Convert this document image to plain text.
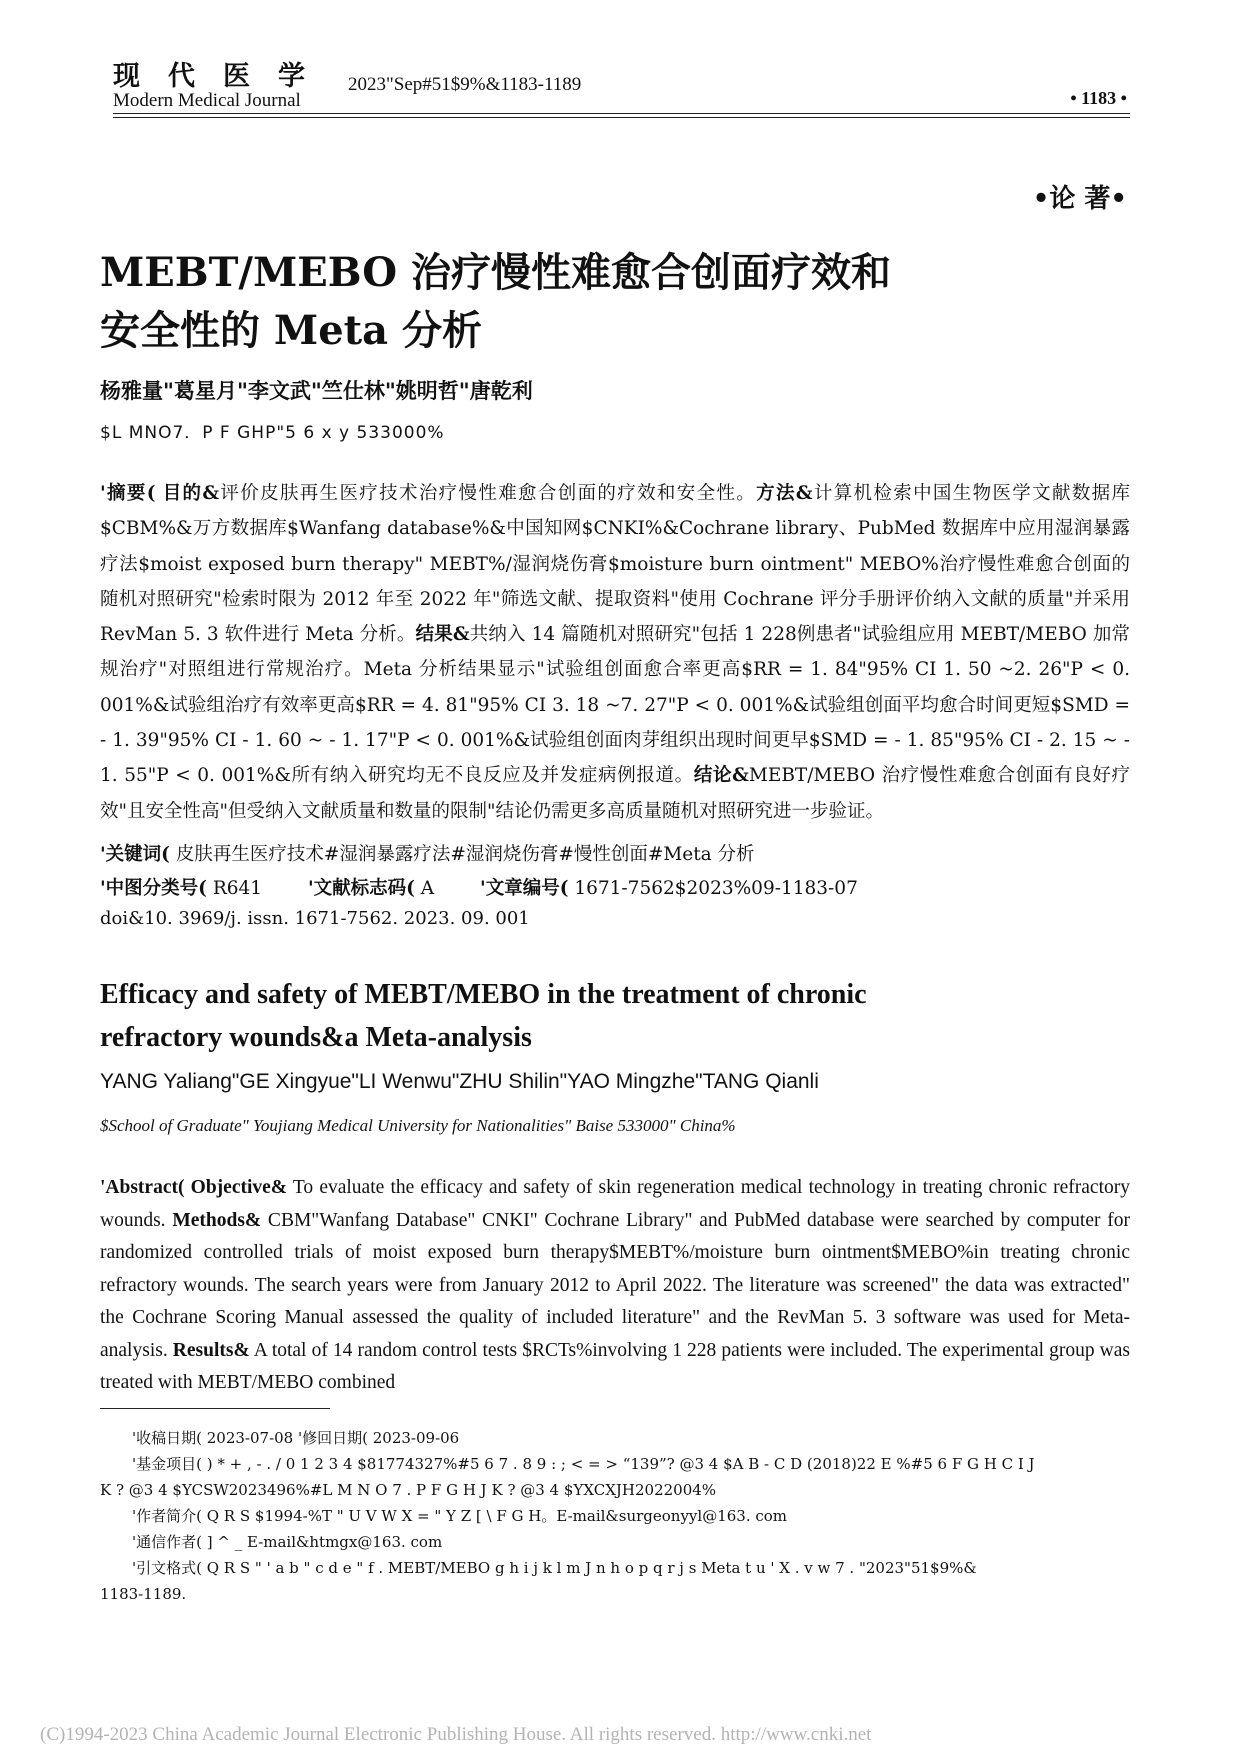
现代医学
Modern Medical Journal
2023"Sep#51$9%&1183-1189
• 1183 •
•论 著•
MEBT/MEBO 治疗慢性难愈合创面疗效和
安全性的 Meta 分析
杨雅量"葛星月"李文武"竺仕林"姚明哲"唐乾利
$L MNO7．P F GHP"5 6 x y 533000%
'摘要( 目的&评价皮肤再生医疗技术治疗慢性难愈合创面的疗效和安全性。方法&计算机检索中国生物医学文献数据库$CBM%&万方数据库$Wanfang database%&中国知网$CNKI%&Cochrane library、PubMed 数据库中应用湿润暴露疗法$moist exposed burn therapy" MEBT%/湿润烧伤膏$moisture burn ointment" MEBO%治疗慢性难愈合创面的随机对照研究"检索时限为 2012 年至 2022 年"筛选文献、提取资料"使用 Cochrane 评分手册评价纳入文献的质量"并采用 RevMan 5. 3 软件进行 Meta 分析。结果&共纳入 14 篇随机对照研究"包括 1 228例患者"试验组应用 MEBT/MEBO 加常规治疗"对照组进行常规治疗。Meta 分析结果显示"试验组创面愈合率更高$RR = 1. 84"95% CI 1. 50 ~2. 26"P < 0. 001%&试验组治疗有效率更高$RR = 4. 81"95% CI 3. 18 ~7. 27"P < 0. 001%&试验组创面平均愈合时间更短$SMD = - 1. 39"95% CI - 1. 60 ~ - 1. 17"P < 0. 001%&试验组创面肉芽组织出现时间更早$SMD = - 1. 85"95% CI - 2. 15 ~ - 1. 55"P < 0. 001%&所有纳入研究均无不良反应及并发症病例报道。结论&MEBT/MEBO 治疗慢性难愈合创面有良好疗效"且安全性高"但受纳入文献质量和数量的限制"结论仍需更多高质量随机对照研究进一步验证。
'关键词( 皮肤再生医疗技术#湿润暴露疗法#湿润烧伤膏#慢性创面#Meta 分析
'中图分类号( R641 '文献标志码( A '文章编号( 1671-7562$2023%09-1183-07
doi&10. 3969/j. issn. 1671-7562. 2023. 09. 001
Efficacy and safety of MEBT/MEBO in the treatment of chronic
refractory wounds&a Meta-analysis
YANG Yaliang"GE Xingyue"LI Wenwu"ZHU Shilin"YAO Mingzhe"TANG Qianli
$School of Graduate" Youjiang Medical University for Nationalities" Baise 533000" China%
'Abstract( Objective& To evaluate the efficacy and safety of skin regeneration medical technology in treating chronic refractory wounds. Methods& CBM"Wanfang Database" CNKI" Cochrane Library" and PubMed database were searched by computer for randomized controlled trials of moist exposed burn therapy$MEBT%/moisture burn ointment$MEBO%in treating chronic refractory wounds. The search years were from January 2012 to April 2022. The literature was screened" the data was extracted" the Cochrane Scoring Manual assessed the quality of included literature" and the RevMan 5. 3 software was used for Meta-analysis. Results& A total of 14 random control tests $RCTs%involving 1 228 patients were included. The experimental group was treated with MEBT/MEBO combined
'收稿日期( 2023-07-08 '修回日期( 2023-09-06
'基金项目( ) * + , - . / 0 1 2 3 4 $81774327%#5 6 7 . 8 9 : ; < = > “139”? @3 4 $A B - C D (2018)22 E %#5 6 F G H C I J
K ? @3 4 $YCSW2023496%#L M N O 7 . P F G H J K ? @3 4 $YXCXJH2022004%
'作者简介( Q R S $1994-%T " U V W X = " Y Z [ \ F G H。E-mail&surgeonyyl@163. com
'通信作者( ] ^ _ E-mail&htmgx@163. com
'引文格式( Q R S " ' a b " c d e " f . MEBT/MEBO g h i j k l m J n h o p q r j s Meta t u ' X . v w 7 . "2023"51$9%&
1183-1189.
(C)1994-2023 China Academic Journal Electronic Publishing House. All rights reserved. http://www.cnki.net
